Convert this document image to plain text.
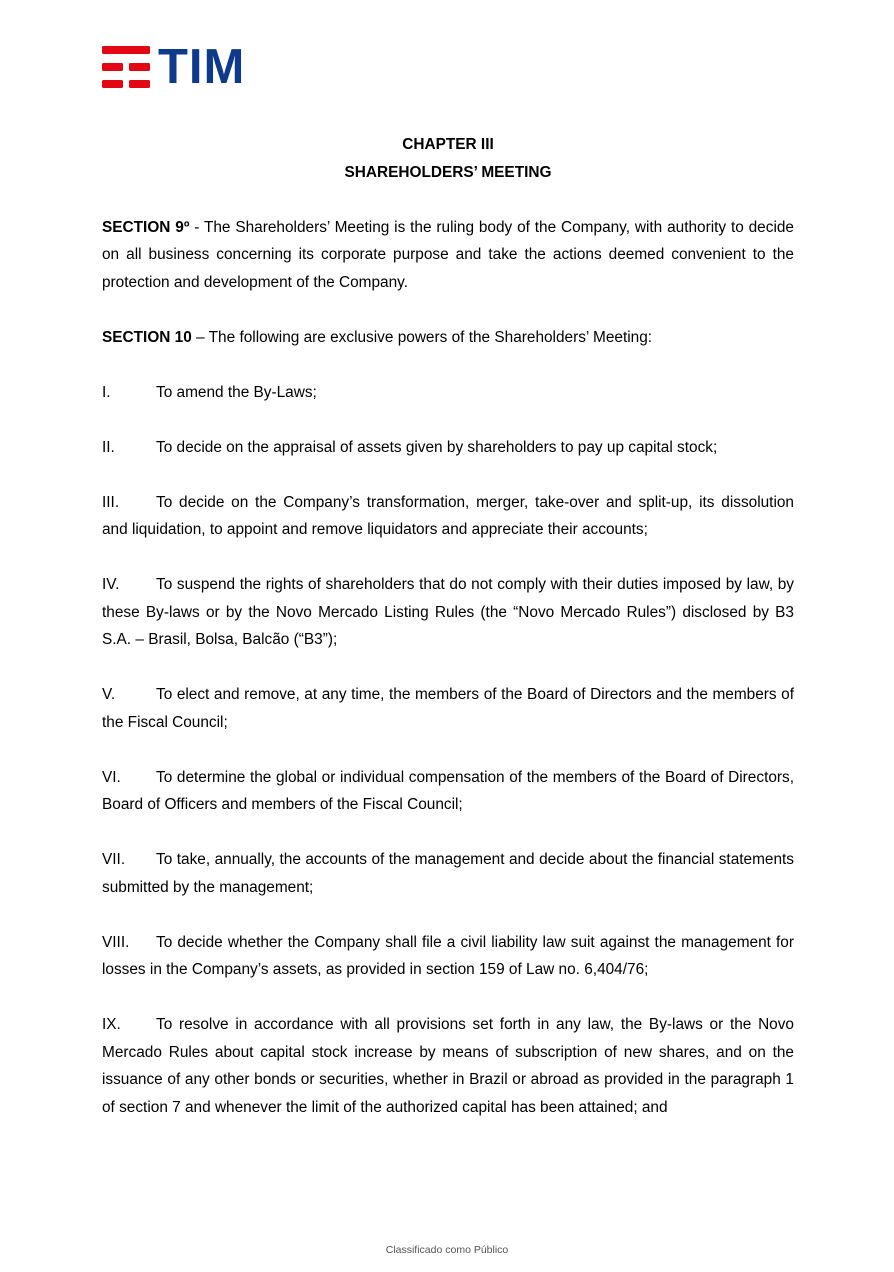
TIM

CHAPTER III

SHAREHOLDERS’ MEETING

SECTION 9º - The Shareholders’ Meeting is the ruling body of the Company, with authority to decide on all business concerning its corporate purpose and take the actions deemed convenient to the protection and development of the Company.

SECTION 10 – The following are exclusive powers of the Shareholders’ Meeting:

I.	To amend the By-Laws;

II.	To decide on the appraisal of assets given by shareholders to pay up capital stock;

III. To decide on the Company’s transformation, merger, take-over and split-up, its dissolution and liquidation, to appoint and remove liquidators and appreciate their accounts;

IV. To suspend the rights of shareholders that do not comply with their duties imposed by law, by these By-laws or by the Novo Mercado Listing Rules (the “Novo Mercado Rules”) disclosed by B3 S.A. – Brasil, Bolsa, Balcão (“B3”);

V.	To elect and remove, at any time, the members of the Board of Directors and the members of the Fiscal Council;

VI. To determine the global or individual compensation of the members of the Board of Directors, Board of Officers and members of the Fiscal Council;

VII. To take, annually, the accounts of the management and decide about the financial statements submitted by the management;

VIII. To decide whether the Company shall file a civil liability law suit against the management for losses in the Company’s assets, as provided in section 159 of Law no. 6,404/76;

IX. To resolve in accordance with all provisions set forth in any law, the By-laws or the Novo Mercado Rules about capital stock increase by means of subscription of new shares, and on the issuance of any other bonds or securities, whether in Brazil or abroad as provided in the paragraph 1 of section 7 and whenever the limit of the authorized capital has been attained; and

Classificado como Público
